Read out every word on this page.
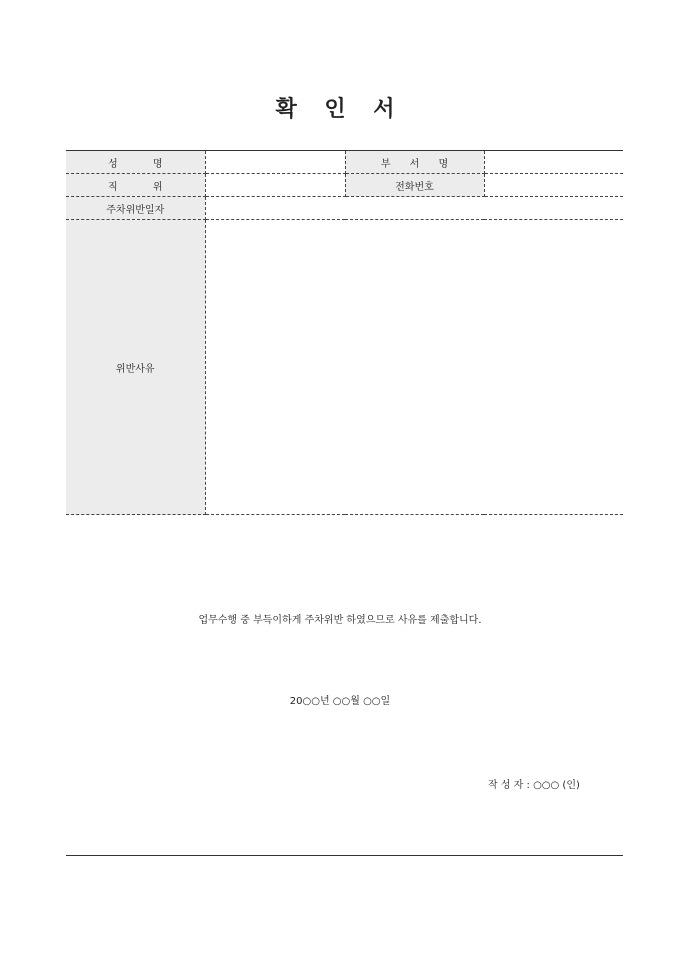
확 인 서
성 명		부 서 명	
직 위		전화번호	
주차위반일자			
위반사유			
업무수행 중 부득이하게 주차위반 하였으므로 사유를 제출합니다.
20○○년 ○○월 ○○일
작 성 자 : ○○○ (인)
